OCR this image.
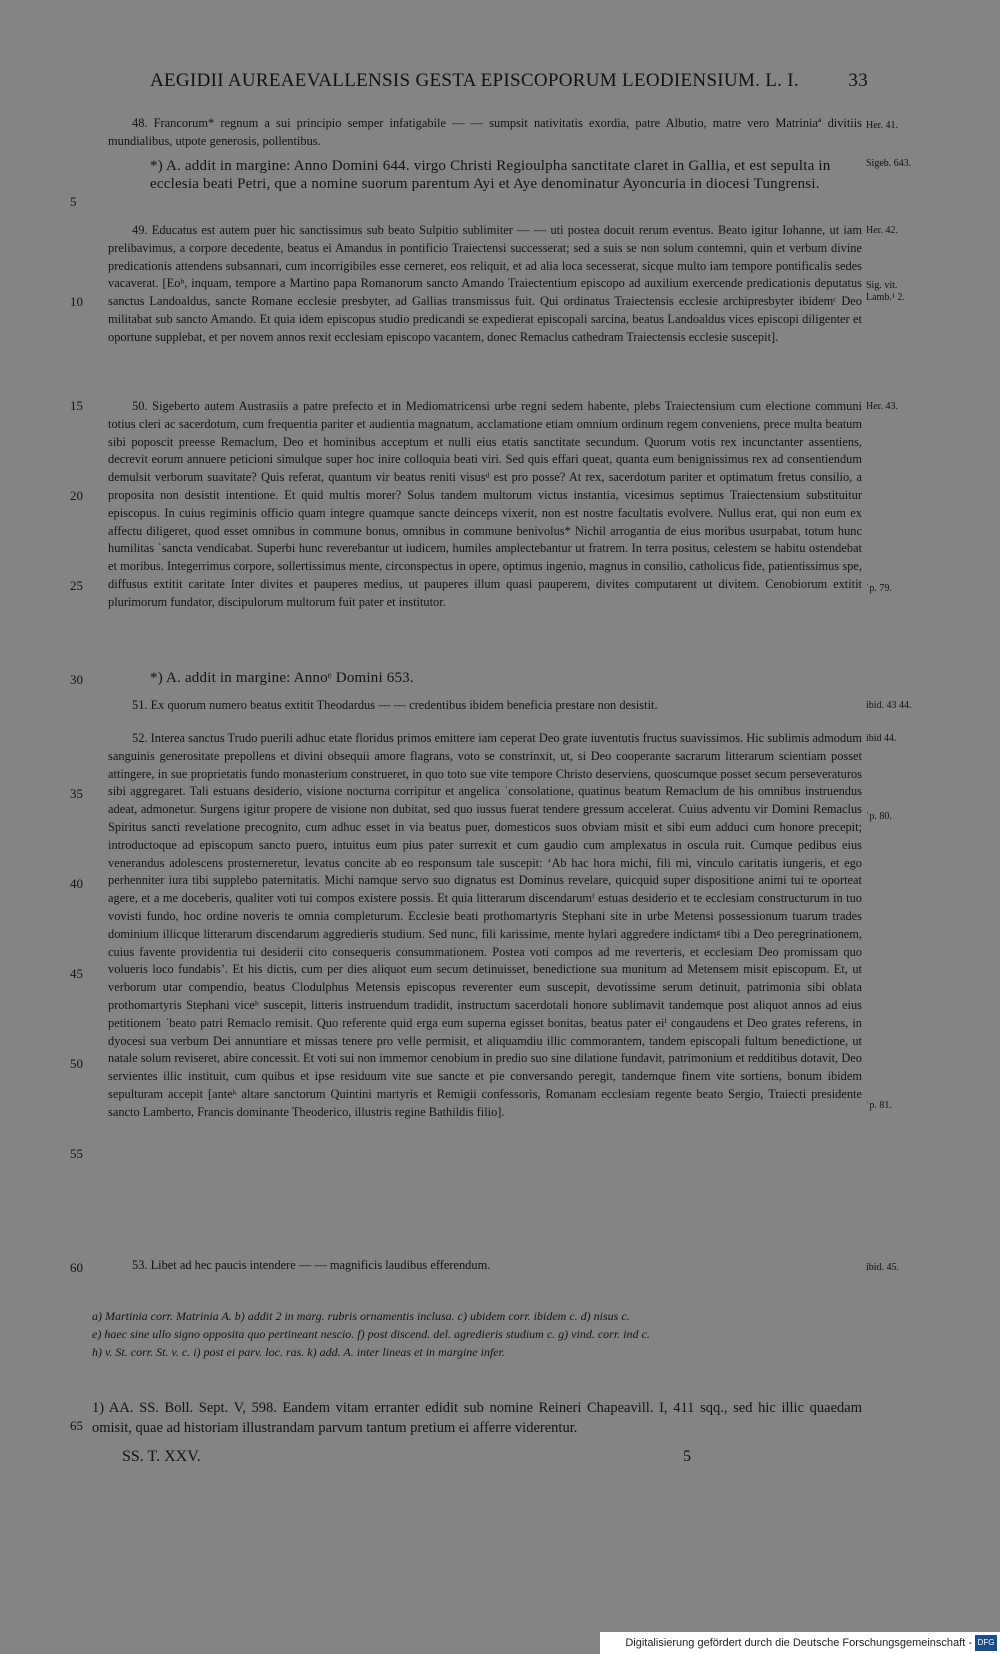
AEGIDII AUREAEVALLENSIS GESTA EPISCOPORUM LEODIENSIUM. L. I.	33
48. Francorum* regnum a sui principio semper infatigabile — — sumpsit nativitatis exordia, patre Albutio, matre vero Matriniaª divitiis mundialibus, utpote generosis, pollentibus.
*) A. addit in margine: Anno Domini 644. virgo Christi Regioulpha sanctitate claret in Gallia, et est sepulta in ecclesia beati Petri, que a nomine suorum parentum Ayi et Aye denominatur Ayoncuria in diocesi Tungrensi.
49. Educatus est autem puer hic sanctissimus sub beato Sulpitio sublimiter — — uti postea docuit rerum eventus. Beato igitur Iohanne, ut iam prelibavimus, a corpore decedente, beatus ei Amandus in pontificio Traiectensi successerat; sed a suis se non solum contemni, quin et verbum divine predicationis attendens subsannari, cum incorrigibiles esse cerneret, eos reliquit, et ad alia loca secesserat, sicque multo iam tempore pontificalis sedes vacaverat. [Eoᵇ, inquam, tempore a Martino papa Romanorum sancto Amando Traiectentium episcopo ad auxilium exercende predicationis deputatus sanctus Landoaldus, sancte Romane ecclesie presbyter, ad Gallias transmissus fuit. Qui ordinatus Traiectensis ecclesie archipresbyter ibidemᶜ Deo militabat sub sancto Amando. Et quia idem episcopus studio predicandi se expedierat episcopali sarcina, beatus Landoaldus vices episcopi diligenter et oportune supplebat, et per novem annos rexit ecclesiam episcopo vacantem, donec Remaclus cathedram Traiectensis ecclesie suscepit].
50. Sigeberto autem Austrasiis a patre prefecto et in Mediomatricensi urbe regni sedem habente, plebs Traiectensium cum electione communi totius cleri ac sacerdotum, cum frequentia pariter et audientia magnatum, acclamatione etiam omnium ordinum regem conveniens, prece multa beatum sibi poposcit preesse Remaclum, Deo et hominibus acceptum et nulli eius etatis sanctitate secundum. Quorum votis rex incunctanter assentiens, decrevit eorum annuere peticioni simulque super hoc inire colloquia beati viri. Sed quis effari queat, quanta eum benignissimus rex ad consentiendum demulsit verborum suavitate? Quis referat, quantum vir beatus reniti visusᵈ est pro posse? At rex, sacerdotum pariter et optimatum fretus consilio, a proposita non desistit intentione. Et quid multis morer? Solus tandem multorum victus instantia, vicesimus septimus Traiectensium substituitur episcopus. In cuius regiminis officio quam integre quamque sancte deinceps vixerit, non est nostre facultatis evolvere. Nullus erat, qui non eum ex affectu diligeret, quod esset omnibus in commune bonus, omnibus in commune benivolus* Nichil arrogantia de eius moribus usurpabat, totum hunc humilitas ˈsancta vendicabat. Superbi hunc reverebantur ut iudicem, humiles amplectebantur ut fratrem. In terra positus, celestem se habitu ostendebat et moribus. Integerrimus corpore, sollertissimus mente, circonspectus in opere, optimus ingenio, magnus in consilio, catholicus fide, patientissimus spe, diffusus extitit caritate Inter divites et pauperes medius, ut pauperes illum quasi pauperem, divites computarent ut divitem. Cenobiorum extitit plurimorum fundator, discipulorum multorum fuit pater et institutor.
*) A. addit in margine: Annoᵉ Domini 653.
51. Ex quorum numero beatus extitit Theodardus — — credentibus ibidem beneficia prestare non desistit.
52. Interea sanctus Trudo puerili adhuc etate floridus primos emittere iam ceperat Deo grate iuventutis fructus suavissimos. Hic sublimis admodum sanguinis generositate prepollens et divini obsequii amore flagrans, voto se constrinxit, ut, si Deo cooperante sacrarum litterarum scientiam posset attingere, in sue proprietatis fundo monasterium construeret, in quo toto sue vite tempore Christo deserviens, quoscumque posset secum perseveraturos sibi aggregaret. Tali estuans desiderio, visione nocturna corripitur et angelica ˈconsolatione, quatinus beatum Remaclum de his omnibus instruendus adeat, admonetur. Surgens igitur propere de visione non dubitat, sed quo iussus fuerat tendere gressum accelerat. Cuius adventu vir Domini Remaclus Spiritus sancti revelatione precognito, cum adhuc esset in via beatus puer, domesticos suos obviam misit et sibi eum adduci cum honore precepit; introductoque ad episcopum sancto puero, intuitus eum pius pater surrexit et cum gaudio cum amplexatus in oscula ruit. Cumque pedibus eius venerandus adolescens prosterneretur, levatus concite ab eo responsum tale suscepit: ‘Ab hac hora michi, fili mi, vinculo caritatis iungeris, et ego perhenniter iura tibi supplebo paternitatis. Michi namque servo suo dignatus est Dominus revelare, quicquid super dispositione animi tui te oporteat agere, et a me doceberis, qualiter voti tui compos existere possis. Et quia litterarum discendarumᶠ estuas desiderio et te ecclesiam constructurum in tuo vovisti fundo, hoc ordine noveris te omnia completurum. Ecclesie beati prothomartyris Stephani site in urbe Metensi possessionum tuarum trades dominium illicque litterarum discendarum aggredieris studium. Sed nunc, fili karissime, mente hylari aggredere indictamᵍ tibi a Deo peregrinationem, cuius favente providentia tui desiderii cito consequeris consummationem. Postea voti compos ad me reverteris, et ecclesiam Deo promissam quo volueris loco fundabis’. Et his dictis, cum per dies aliquot eum secum detinuisset, benedictione sua munitum ad Metensem misit episcopum. Et, ut verborum utar compendio, beatus Clodulphus Metensis episcopus reverenter eum suscepit, devotissime serum detinuit, patrimonia sibi oblata prothomartyris Stephani viceʰ suscepit, litteris instruendum tradidit, instructum sacerdotali honore sublimavit tandemque post aliquot annos ad eius petitionem ˈbeato patri Remaclo remisit. Quo referente quid erga eum superna egisset bonitas, beatus pater eiⁱ congaudens et Deo grates referens, in dyocesi sua verbum Dei annuntiare et missas tenere pro velle permisit, et aliquamdiu illic commorantem, tandem episcopali fultum benedictione, ut natale solum reviseret, abire concessit. Et voti sui non immemor cenobium in predio suo sine dilatione fundavit, patrimonium et redditibus dotavit, Deo servientes illic instituit, cum quibus et ipse residuum vite sue sancte et pie conversando peregit, tandemque finem vite sortiens, bonum ibidem sepulturam accepit [anteᵏ altare sanctorum Quintini martyris et Remigii confessoris, Romanam ecclesiam regente beato Sergio, Traiecti presidente sancto Lamberto, Francis dominante Theoderico, illustris regine Bathildis filio].
53. Libet ad hec paucis intendere — — magnificis laudibus efferendum.
Her. 41.
Sigeb. 643.
Her. 42.
Sig. vit. Lamb.¹ 2.
Her. 43.
ˈp. 79.
ibid. 43 44.
ibid 44.
ˈp. 80.
ˈp. 81.
ibid. 45.
5
10
15
20
25
30
35
40
45
50
55
60
65
a) Martinia corr. Matrinia A. b) addit 2 in marg. rubris ornamentis inclusa. c) ubidem corr. ibidem c. d) nisus c.
e) haec sine ullo signo opposita quo pertineant nescio. f) post discend. del. agredieris studium c. g) vind. corr. ind c.
h) v. St. corr. St. v. c. i) post ei parv. loc. ras. k) add. A. inter lineas et in margine infer.
1) AA. SS. Boll. Sept. V, 598. Eandem vitam erranter edidit sub nomine Reineri Chapeavill. I, 411 sqq., sed hic illic quaedam omisit, quae ad historiam illustrandam parvum tantum pretium ei afferre viderentur.
SS. T. XXV.	5
Digitalisierung gefördert durch die Deutsche Forschungsgemeinschaft - DFG
